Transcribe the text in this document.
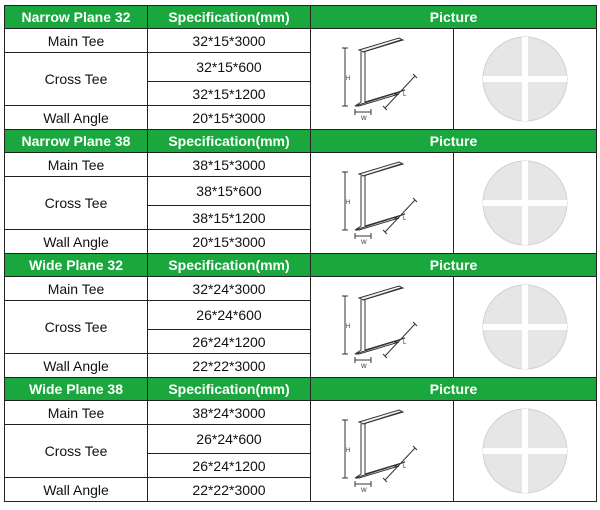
Narrow Plane 32	Specification(mm)	Picture	
Main Tee	32*15*3000	H
W
L

Cross Tee	32*15*600		
	32*15*1200		
Wall Angle	20*15*3000		
Narrow Plane 38	Specification(mm)	Picture	
Main Tee	38*15*3000	H
W
L

Cross Tee	38*15*600		
	38*15*1200		
Wall Angle	20*15*3000		
Wide Plane 32	Specification(mm)	Picture	
Main Tee	32*24*3000	H
W
L

Cross Tee	26*24*600		
	26*24*1200		
Wall Angle	22*22*3000		
Wide Plane 38	Specification(mm)	Picture	
Main Tee	38*24*3000	H
W
L

Cross Tee	26*24*600		
	26*24*1200		
Wall Angle	22*22*3000		
